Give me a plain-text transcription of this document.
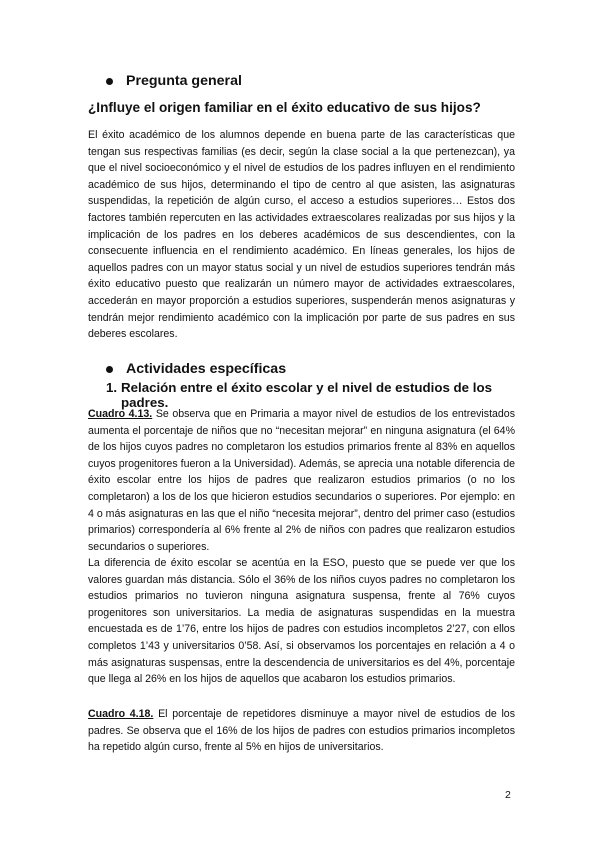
Pregunta general
¿Influye el origen familiar en el éxito educativo de sus hijos?

El éxito académico de los alumnos depende en buena parte de las características que tengan sus respectivas familias (es decir, según la clase social a la que pertenezcan), ya que el nivel socioeconómico y el nivel de estudios de los padres influyen en el rendimiento académico de sus hijos, determinando el tipo de centro al que asisten, las asignaturas suspendidas, la repetición de algún curso, el acceso a estudios superiores… Estos dos factores también repercuten en las actividades extraescolares realizadas por sus hijos y la implicación de los padres en los deberes académicos de sus descendientes, con la consecuente influencia en el rendimiento académico. En líneas generales, los hijos de aquellos padres con un mayor status social y un nivel de estudios superiores tendrán más éxito educativo puesto que realizarán un número mayor de actividades extraescolares, accederán en mayor proporción a estudios superiores, suspenderán menos asignaturas y tendrán mejor rendimiento académico con la implicación por parte de sus padres en sus deberes escolares.

Actividades específicas
1. Relación entre el éxito escolar y el nivel de estudios de los padres.

Cuadro 4.13. Se observa que en Primaria a mayor nivel de estudios de los entrevistados aumenta el porcentaje de niños que no “necesitan mejorar” en ninguna asignatura (el 64% de los hijos cuyos padres no completaron los estudios primarios frente al 83% en aquellos cuyos progenitores fueron a la Universidad). Además, se aprecia una notable diferencia de éxito escolar entre los hijos de padres que realizaron estudios primarios (o no los completaron) a los de los que hicieron estudios secundarios o superiores. Por ejemplo: en 4 o más asignaturas en las que el niño “necesita mejorar”, dentro del primer caso (estudios primarios) correspondería al 6% frente al 2% de niños con padres que realizaron estudios secundarios o superiores.

La diferencia de éxito escolar se acentúa en la ESO, puesto que se puede ver que los valores guardan más distancia. Sólo el 36% de los niños cuyos padres no completaron los estudios primarios no tuvieron ninguna asignatura suspensa, frente al 76% cuyos progenitores son universitarios. La media de asignaturas suspendidas en la muestra encuestada es de 1’76, entre los hijos de padres con estudios incompletos 2’27, con ellos completos 1’43 y universitarios 0’58. Así, si observamos los porcentajes en relación a 4 o más asignaturas suspensas, entre la descendencia de universitarios es del 4%, porcentaje que llega al 26% en los hijos de aquellos que acabaron los estudios primarios.

Cuadro 4.18. El porcentaje de repetidores disminuye a mayor nivel de estudios de los padres. Se observa que el 16% de los hijos de padres con estudios primarios incompletos ha repetido algún curso, frente al 5% en hijos de universitarios.

2
